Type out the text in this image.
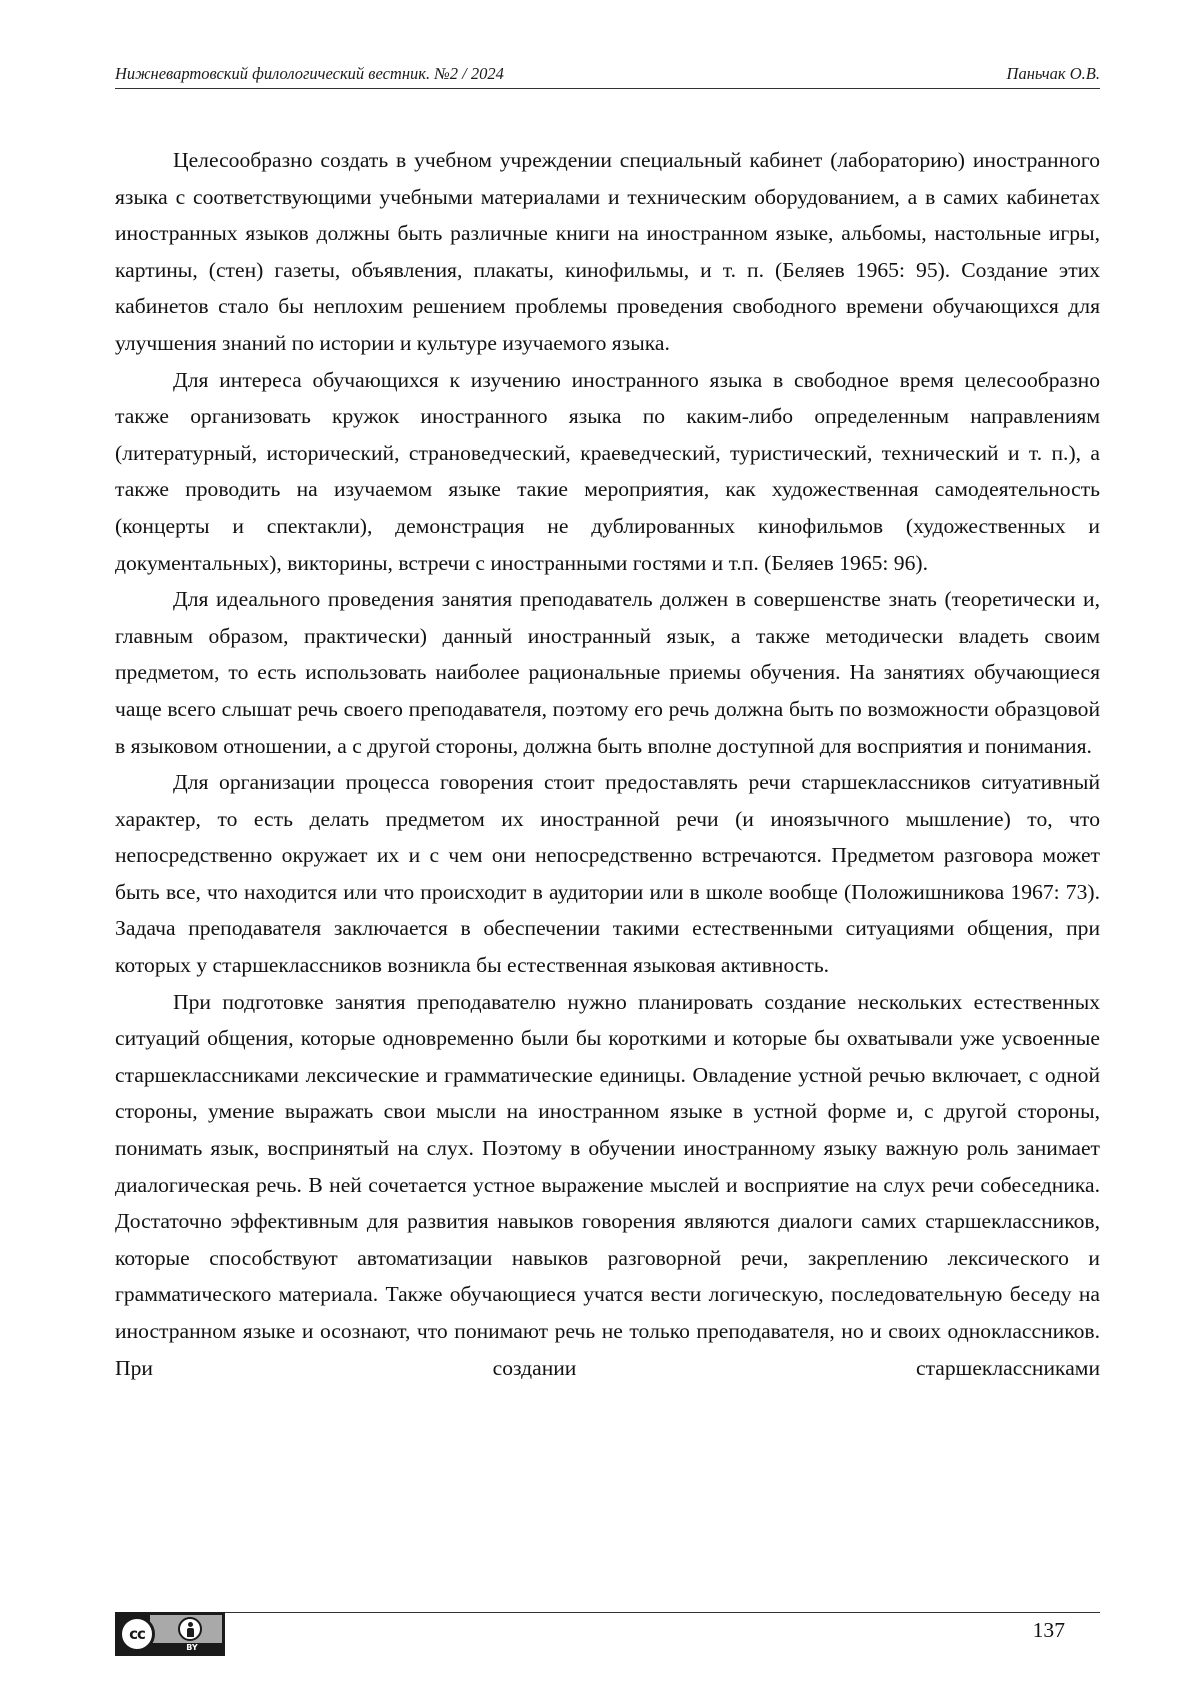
Нижневартовский филологический вестник. №2 / 2024	Паньчак О.В.

Целесообразно создать в учебном учреждении специальный кабинет (лабораторию) иностранного языка с соответствующими учебными материалами и техническим оборудованием, а в самих кабинетах иностранных языков должны быть различные книги на иностранном языке, альбомы, настольные игры, картины, (стен) газеты, объявления, плакаты, кинофильмы, и т. п. (Беляев 1965: 95). Создание этих кабинетов стало бы неплохим решением проблемы проведения свободного времени обучающихся для улучшения знаний по истории и культуре изучаемого языка.

Для интереса обучающихся к изучению иностранного языка в свободное время целесообразно также организовать кружок иностранного языка по каким-либо определенным направлениям (литературный, исторический, страноведческий, краеведческий, туристический, технический и т. п.), а также проводить на изучаемом языке такие мероприятия, как художественная самодеятельность (концерты и спектакли), демонстрация не дублированных кинофильмов (художественных и документальных), викторины, встречи с иностранными гостями и т.п. (Беляев 1965: 96).

Для идеального проведения занятия преподаватель должен в совершенстве знать (теоретически и, главным образом, практически) данный иностранный язык, а также методически владеть своим предметом, то есть использовать наиболее рациональные приемы обучения. На занятиях обучающиеся чаще всего слышат речь своего преподавателя, поэтому его речь должна быть по возможности образцовой в языковом отношении, а с другой стороны, должна быть вполне доступной для восприятия и понимания.

Для организации процесса говорения стоит предоставлять речи старшеклассников ситуативный характер, то есть делать предметом их иностранной речи (и иноязычного мышление) то, что непосредственно окружает их и с чем они непосредственно встречаются. Предметом разговора может быть все, что находится или что происходит в аудитории или в школе вообще (Положишникова 1967: 73). Задача преподавателя заключается в обеспечении такими естественными ситуациями общения, при которых у старшеклассников возникла бы естественная языковая активность.

При подготовке занятия преподавателю нужно планировать создание нескольких естественных ситуаций общения, которые одновременно были бы короткими и которые бы охватывали уже усвоенные старшеклассниками лексические и грамматические единицы. Овладение устной речью включает, с одной стороны, умение выражать свои мысли на иностранном языке в устной форме и, с другой стороны, понимать язык, воспринятый на слух. Поэтому в обучении иностранному языку важную роль занимает диалогическая речь. В ней сочетается устное выражение мыслей и восприятие на слух речи собеседника. Достаточно эффективным для развития навыков говорения являются диалоги самих старшеклассников, которые способствуют автоматизации навыков разговорной речи, закреплению лексического и грамматического материала. Также обучающиеся учатся вести логическую, последовательную беседу на иностранном языке и осознают, что понимают речь не только преподавателя, но и своих одноклассников. При создании старшеклассниками

cc
BY
137
